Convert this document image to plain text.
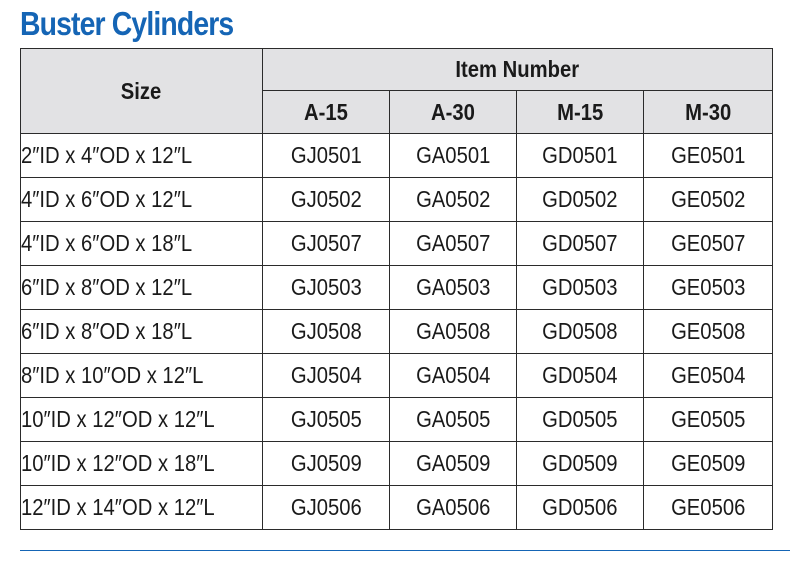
Buster Cylinders
Size	Item Number			
	A-15	A-30	M-15	M-30
2″ID x 4″OD x 12″L	GJ0501	GA0501	GD0501	GE0501
4″ID x 6″OD x 12″L	GJ0502	GA0502	GD0502	GE0502
4″ID x 6″OD x 18″L	GJ0507	GA0507	GD0507	GE0507
6″ID x 8″OD x 12″L	GJ0503	GA0503	GD0503	GE0503
6″ID x 8″OD x 18″L	GJ0508	GA0508	GD0508	GE0508
8″ID x 10″OD x 12″L	GJ0504	GA0504	GD0504	GE0504
10″ID x 12″OD x 12″L	GJ0505	GA0505	GD0505	GE0505
10″ID x 12″OD x 18″L	GJ0509	GA0509	GD0509	GE0509
12″ID x 14″OD x 12″L	GJ0506	GA0506	GD0506	GE0506
